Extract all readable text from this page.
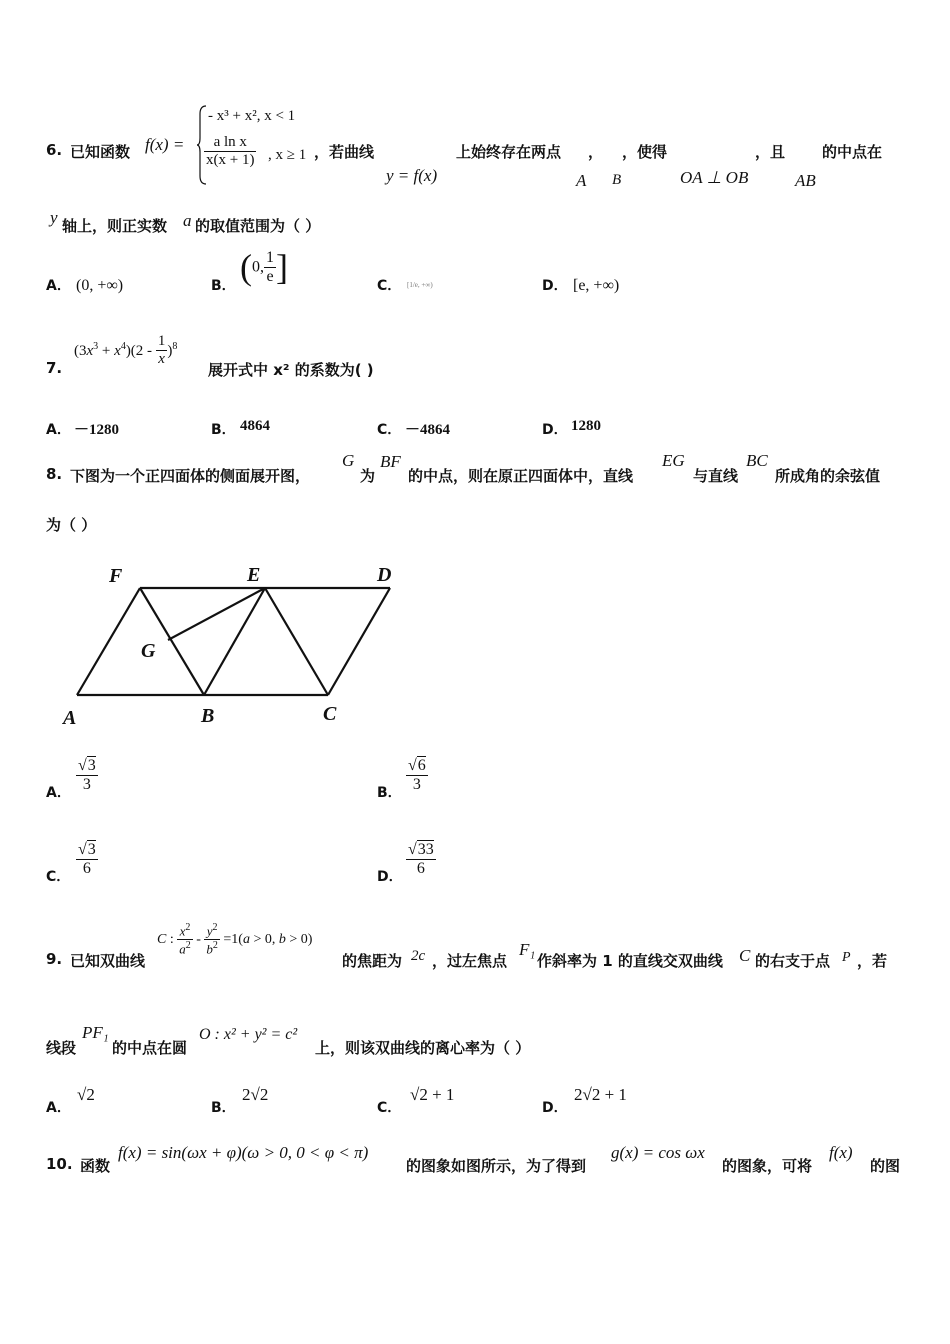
6. 已知函数 f(x) =
- x³ + x², x < 1
$\frac{\text{a ln x}}{x(x + 1)}$ , x ≥ 1 ，若曲线
y = f(x)
上始终存在两点 ， ，使得
A B	OA ⊥ OB
，且
AB
的中点在
y 轴上，则正实数 a 的取值范围为（ ）
A． (0, +∞)	B． (0, $\frac{1}{e}$ ]	C． [1/e, +∞)	D． [e, +∞)
7.
$(3x^3 + x^4)(2 - \frac{1}{x} )^8$
展开式中 x² 的系数为( )
A． －1280	B． 4864	C． －4864	D． 1280
8. 下图为一个正四面体的侧面展开图，
G
为
BF
的中点，则在原正四面体中，直线
EG
与直线
BC
所成角的余弦值
为（ ）
F	E	D
G
A	B	C
A． $\frac{√3}{3}$	B． $\frac{√6}{3}$
C． $\frac{√3}{6}$	D． $\frac{√33}{6}$
9. 已知双曲线
C : $\frac{x^2}{a^2} - \frac{y^2}{b^2} =1(a > 0$, b > 0)
的焦距为 2c ，过左焦点
F₁
作斜率为 1 的直线交双曲线 C 的右支于点 P ，若
线段
PF₁
的中点在圆
O : x² + y² = c²
上，则该双曲线的离心率为（ ）
A．
√2
B．
2√2
C．
√2 + 1
D．
2√2 + 1
10. 函数
f(x) = sin(ωx + φ)(ω > 0, 0 < φ < π)
的图象如图所示，为了得到
g(x) = cos ωx
的图象，可将
f(x)
的图
